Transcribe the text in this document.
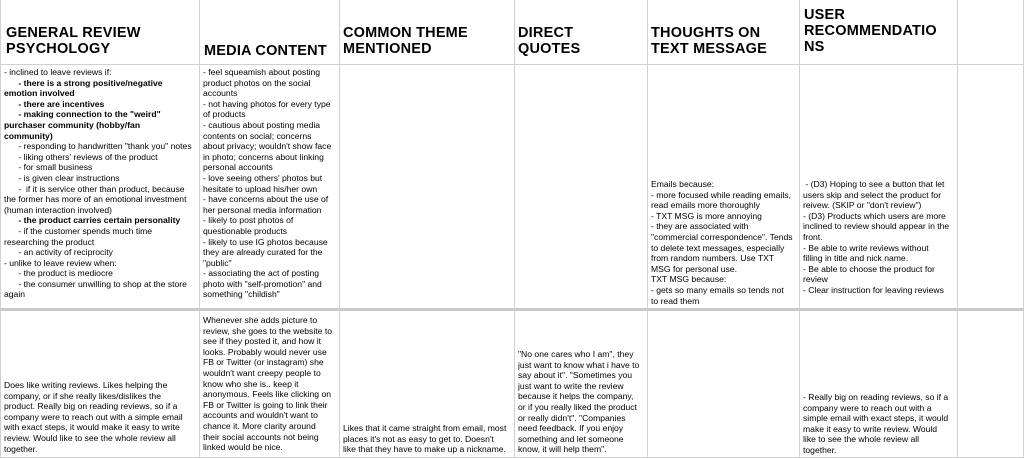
GENERAL REVIEW PSYCHOLOGY	MEDIA CONTENT
COMMON THEME MENTIONED
DIRECT QUOTES
THOUGHTS ON TEXT MESSAGE
USER RECOMMENDATIO NS
- inclined to leave reviews if:
- there is a strong positive/negative
emotion involved
- there are incentives
- making connection to the "weird"
purchaser community (hobby/fan
community)
- responding to handwritten "thank you" notes
- liking others' reviews of the product
- for small business
- is given clear instructions
-  if it is service other than product, because
the former has more of an emotional investment
(human interaction involved)
- the product carries certain personality
- if the customer spends much time
researching the product
- an activity of reciprocity
- unlike to leave review when:
- the product is mediocre
- the consumer unwilling to shop at the store
again
- feel squeamish about posting
product photos on the social
accounts
- not having photos for every type
of products
- cautious about posting media
contents on social; concerns
about privacy; wouldn't show face
in photo; concerns about linking
personal accounts
- love seeing others' photos but
hesitate to upload his/her own
- have concerns about the use of
her personal media information
- likely to post photos of
questionable products
- likely to use IG photos because
they are already curated for the
"public"
- associating the act of posting
photo with "self-promotion" and
something "childish"
Emails because:
- more focused while reading emails,
read emails more thoroughly
- TXT MSG is more annoying
- they are associated with
"commercial correspondence". Tends
to delete text messages, especially
from random numbers. Use TXT
MSG for personal use.
TXT MSG because:
- gets so many emails so tends not
to read them
- (D3) Hoping to see a button that let
users skip and select the product for
reivew. (SKIP or "don't review")
- (D3) Products which users are more
inclined to review should appear in the
front.
- Be able to write reviews without
filling in title and nick name.
- Be able to choose the product for
review
- Clear instruction for leaving reviews
Does like writing reviews. Likes helping the
company, or if she really likes/dislikes the
product. Really big on reading reviews, so if a
company were to reach out with a simple email
with exact steps, it would make it easy to write
review. Would like to see the whole review all
together.
Whenever she adds picture to
review, she goes to the website to
see if they posted it, and how it
looks. Probably would never use
FB or Twitter (or instagram) she
wouldn't want creepy people to
know who she is.. keep it
anonymous. Feels like clicking on
FB or Twitter is going to link their
accounts and wouldn't want to
chance it. More clarity around
their social accounts not being
linked would be nice.
Likes that it came straight from email, most
places it's not as easy to get to. Doesn't
like that they have to make up a nickname.
"No one cares who I am", they
just want to know what i have to
say about it". "Sometimes you
just want to write the review
because it helps the company,
or if you really liked the product
or really didn't". "Companies
need feedback. If you enjoy
something and let someone
know, it will help them".
- Really big on reading reviews, so if a
company were to reach out with a
simple email with exact steps, it would
make it easy to write review. Would
like to see the whole review all
together.
